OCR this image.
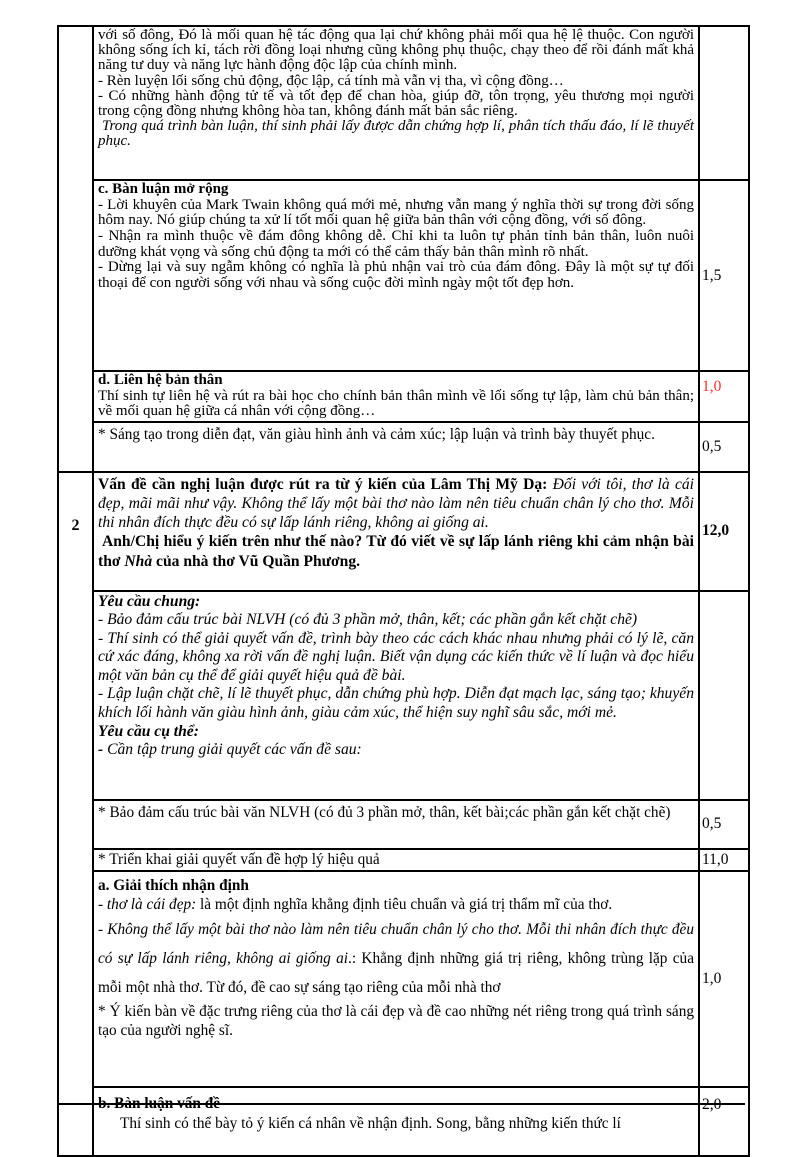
	với số đông, Đó là mối quan hệ tác động qua lại chứ không phải mối qua hệ lệ thuộc. Con người không sống ích kỉ, tách rời đồng loại nhưng cũng không phụ thuộc, chạy theo để rồi đánh mất khả năng tư duy và năng lực hành động độc lập của chính mình.

- Rèn luyện lối sống chủ động, độc lập, cá tính mà vẫn vị tha, vì cộng đồng…

- Có những hành động tử tế và tốt đẹp để chan hòa, giúp đỡ, tôn trọng, yêu thương mọi người trong cộng đồng nhưng không hòa tan, không đánh mất bản sắc riêng.

Trong quá trình bàn luận, thí sinh phải lấy được dẫn chứng hợp lí, phân tích thấu đáo, lí lẽ thuyết phục.	

	c. Bàn luận mở rộng

- Lời khuyên của Mark Twain không quá mới mẻ, nhưng vẫn mang ý nghĩa thời sự trong đời sống hôm nay. Nó giúp chúng ta xử lí tốt mối quan hệ giữa bản thân với cộng đồng, với số đông.

- Nhận ra mình thuộc về đám đông không dễ. Chỉ khi ta luôn tự phản tỉnh bản thân, luôn nuôi dưỡng khát vọng và sống chủ động ta mới có thể cảm thấy bản thân mình rõ nhất.

- Dừng lại và suy ngẫm không có nghĩa là phủ nhận vai trò của đám đông. Đây là một sự tự đối thoại để con người sống với nhau và sống cuộc đời mình ngày một tốt đẹp hơn.	1,5

	d. Liên hệ bản thân

Thí sinh tự liên hệ và rút ra bài học cho chính bản thân mình về lối sống tự lập, làm chủ bản thân; về mối quan hệ giữa cá nhân với cộng đồng…	1,0

	* Sáng tạo trong diễn đạt, văn giàu hình ảnh và cảm xúc; lập luận và trình bày thuyết phục.	0,5
2	Vấn đề cần nghị luận được rút ra từ ý kiến của Lâm Thị Mỹ Dạ: Đối với tôi, thơ là cái đẹp, mãi mãi như vậy. Không thể lấy một bài thơ nào làm nên tiêu chuẩn chân lý cho thơ. Mỗi thi nhân đích thực đều có sự lấp lánh riêng, không ai giống ai.

Anh/Chị hiểu ý kiến trên như thế nào? Từ đó viết về sự lấp lánh riêng khi cảm nhận bài thơ Nhà của nhà thơ Vũ Quần Phương.	12,0

Yêu cầu chung:

- Bảo đảm cấu trúc bài NLVH (có đủ 3 phần mở, thân, kết; các phần gắn kết chặt chẽ)

- Thí sinh có thể giải quyết vấn đề, trình bày theo các cách khác nhau nhưng phải có lý lẽ, căn cứ xác đáng, không xa rời vấn đề nghị luận. Biết vận dụng các kiến thức về lí luận và đọc hiểu một văn bản cụ thể để giải quyết hiệu quả đề bài.

- Lập luận chặt chẽ, lí lẽ thuyết phục, dẫn chứng phù hợp. Diễn đạt mạch lạc, sáng tạo; khuyến khích lối hành văn giàu hình ảnh, giàu cảm xúc, thể hiện suy nghĩ sâu sắc, mới mẻ.

Yêu cầu cụ thể:

- Cần tập trung giải quyết các vấn đề sau:

	* Bảo đảm cấu trúc bài văn NLVH (có đủ 3 phần mở, thân, kết bài;các phần gắn kết chặt chẽ)	0,5

	* Triển khai giải quyết vấn đề hợp lý hiệu quả	11,0

	a. Giải thích nhận định

- thơ là cái đẹp: là một định nghĩa khẳng định tiêu chuẩn và giá trị thẩm mĩ của thơ.

- Không thể lấy một bài thơ nào làm nên tiêu chuẩn chân lý cho thơ. Mỗi thi nhân đích thực đều có sự lấp lánh riêng, không ai giống ai.: Khẳng định những giá trị riêng, không trùng lặp của mỗi một nhà thơ. Từ đó, đề cao sự sáng tạo riêng của mỗi nhà thơ

* Ý kiến bàn về đặc trưng riêng của thơ là cái đẹp và đề cao những nét riêng trong quá trình sáng tạo của người nghệ sĩ.	1,0

	b. Bàn luận vấn đề

Thí sinh có thể bày tỏ ý kiến cá nhân về nhận định. Song, bằng những kiến thức lí	2,0
